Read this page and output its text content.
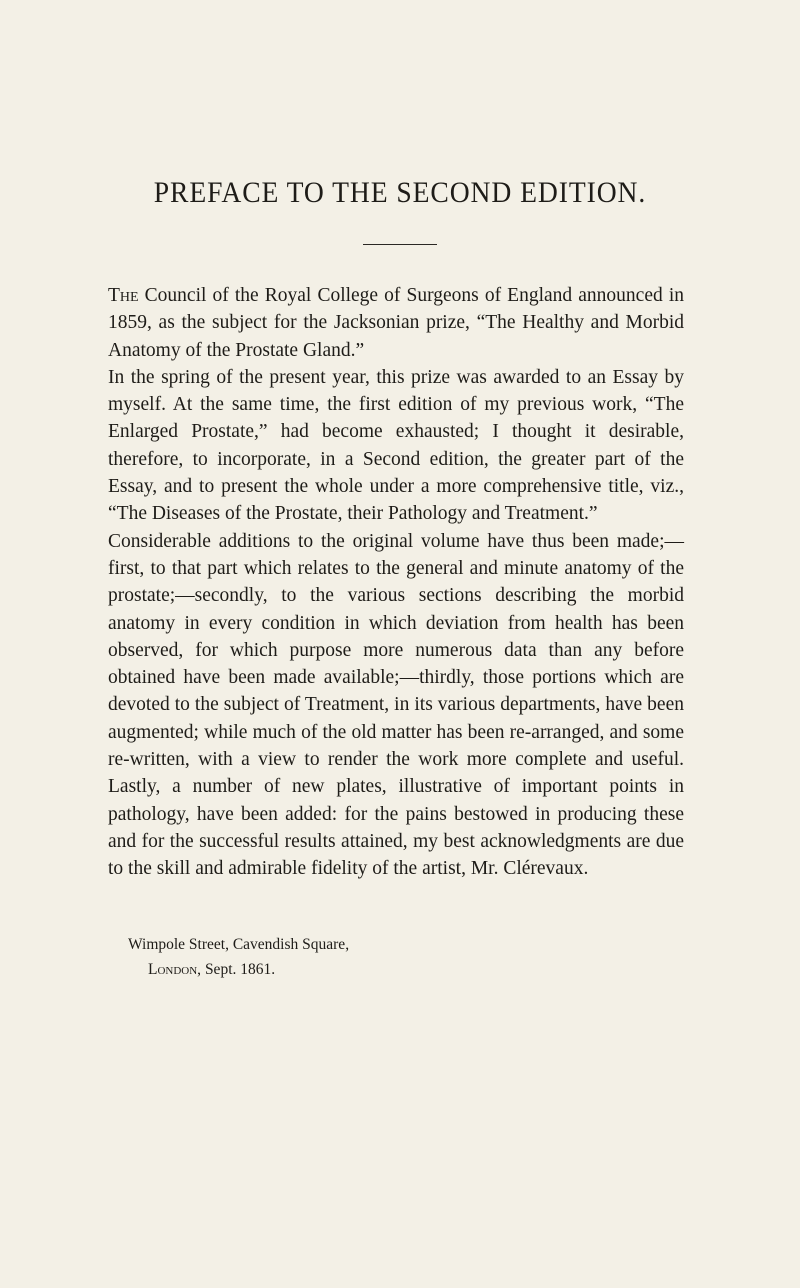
PREFACE TO THE SECOND EDITION.

The Council of the Royal College of Surgeons of England announced in 1859, as the subject for the Jacksonian prize, “The Healthy and Morbid Anatomy of the Prostate Gland.”

In the spring of the present year, this prize was awarded to an Essay by myself. At the same time, the first edition of my previous work, “The Enlarged Prostate,” had become exhausted; I thought it desirable, therefore, to incorporate, in a Second edition, the greater part of the Essay, and to present the whole under a more comprehensive title, viz., “The Diseases of the Prostate, their Pathology and Treatment.”

Considerable additions to the original volume have thus been made;—first, to that part which relates to the general and minute anatomy of the prostate;—secondly, to the various sections describing the morbid anatomy in every condition in which deviation from health has been observed, for which purpose more numerous data than any before obtained have been made available;—thirdly, those portions which are devoted to the subject of Treatment, in its various departments, have been augmented; while much of the old matter has been re-arranged, and some re-written, with a view to render the work more complete and useful. Lastly, a number of new plates, illustrative of important points in pathology, have been added: for the pains bestowed in producing these and for the successful results attained, my best acknowledgments are due to the skill and admirable fidelity of the artist, Mr. Clérevaux.

Wimpole Street, Cavendish Square,
London, Sept. 1861.
